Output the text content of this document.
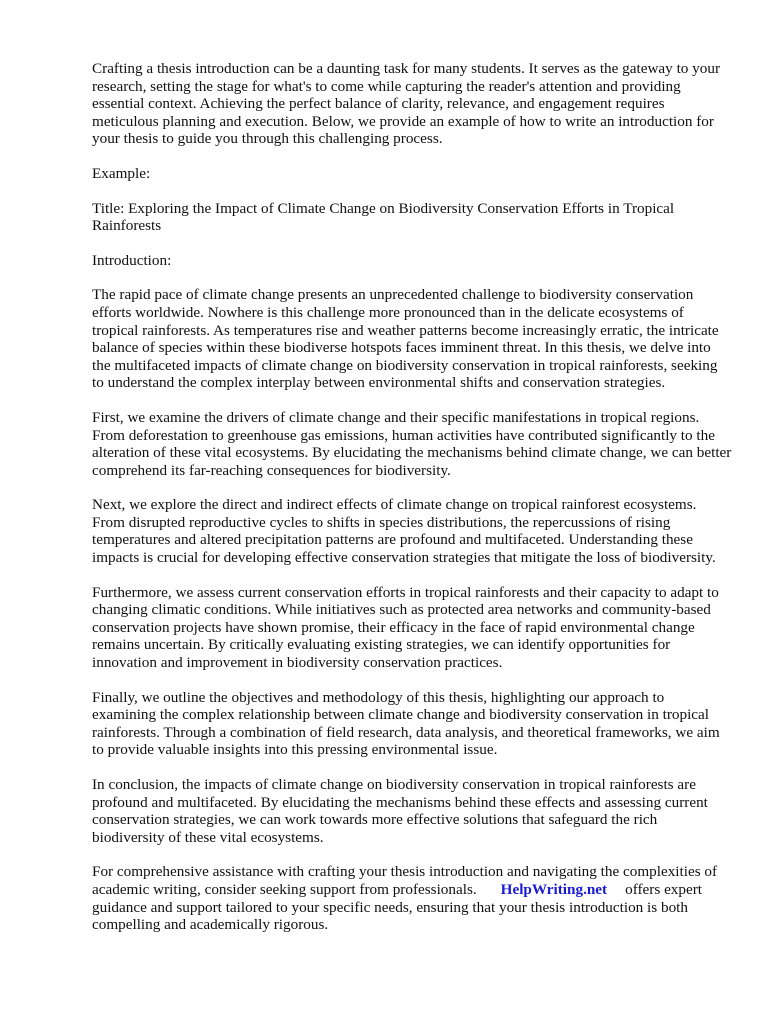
Crafting a thesis introduction can be a daunting task for many students. It serves as the gateway to your research, setting the stage for what's to come while capturing the reader's attention and providing essential context. Achieving the perfect balance of clarity, relevance, and engagement requires meticulous planning and execution. Below, we provide an example of how to write an introduction for your thesis to guide you through this challenging process.

Example:

Title: Exploring the Impact of Climate Change on Biodiversity Conservation Efforts in Tropical Rainforests

Introduction:

The rapid pace of climate change presents an unprecedented challenge to biodiversity conservation efforts worldwide. Nowhere is this challenge more pronounced than in the delicate ecosystems of tropical rainforests. As temperatures rise and weather patterns become increasingly erratic, the intricate balance of species within these biodiverse hotspots faces imminent threat. In this thesis, we delve into the multifaceted impacts of climate change on biodiversity conservation in tropical rainforests, seeking to understand the complex interplay between environmental shifts and conservation strategies.

First, we examine the drivers of climate change and their specific manifestations in tropical regions. From deforestation to greenhouse gas emissions, human activities have contributed significantly to the alteration of these vital ecosystems. By elucidating the mechanisms behind climate change, we can better comprehend its far-reaching consequences for biodiversity.

Next, we explore the direct and indirect effects of climate change on tropical rainforest ecosystems. From disrupted reproductive cycles to shifts in species distributions, the repercussions of rising temperatures and altered precipitation patterns are profound and multifaceted. Understanding these impacts is crucial for developing effective conservation strategies that mitigate the loss of biodiversity.

Furthermore, we assess current conservation efforts in tropical rainforests and their capacity to adapt to changing climatic conditions. While initiatives such as protected area networks and community-based conservation projects have shown promise, their efficacy in the face of rapid environmental change remains uncertain. By critically evaluating existing strategies, we can identify opportunities for innovation and improvement in biodiversity conservation practices.

Finally, we outline the objectives and methodology of this thesis, highlighting our approach to examining the complex relationship between climate change and biodiversity conservation in tropical rainforests. Through a combination of field research, data analysis, and theoretical frameworks, we aim to provide valuable insights into this pressing environmental issue.

In conclusion, the impacts of climate change on biodiversity conservation in tropical rainforests are profound and multifaceted. By elucidating the mechanisms behind these effects and assessing current conservation strategies, we can work towards more effective solutions that safeguard the rich biodiversity of these vital ecosystems.

For comprehensive assistance with crafting your thesis introduction and navigating the complexities of academic writing, consider seeking support from professionals. HelpWriting.net offers expert guidance and support tailored to your specific needs, ensuring that your thesis introduction is both compelling and academically rigorous.
